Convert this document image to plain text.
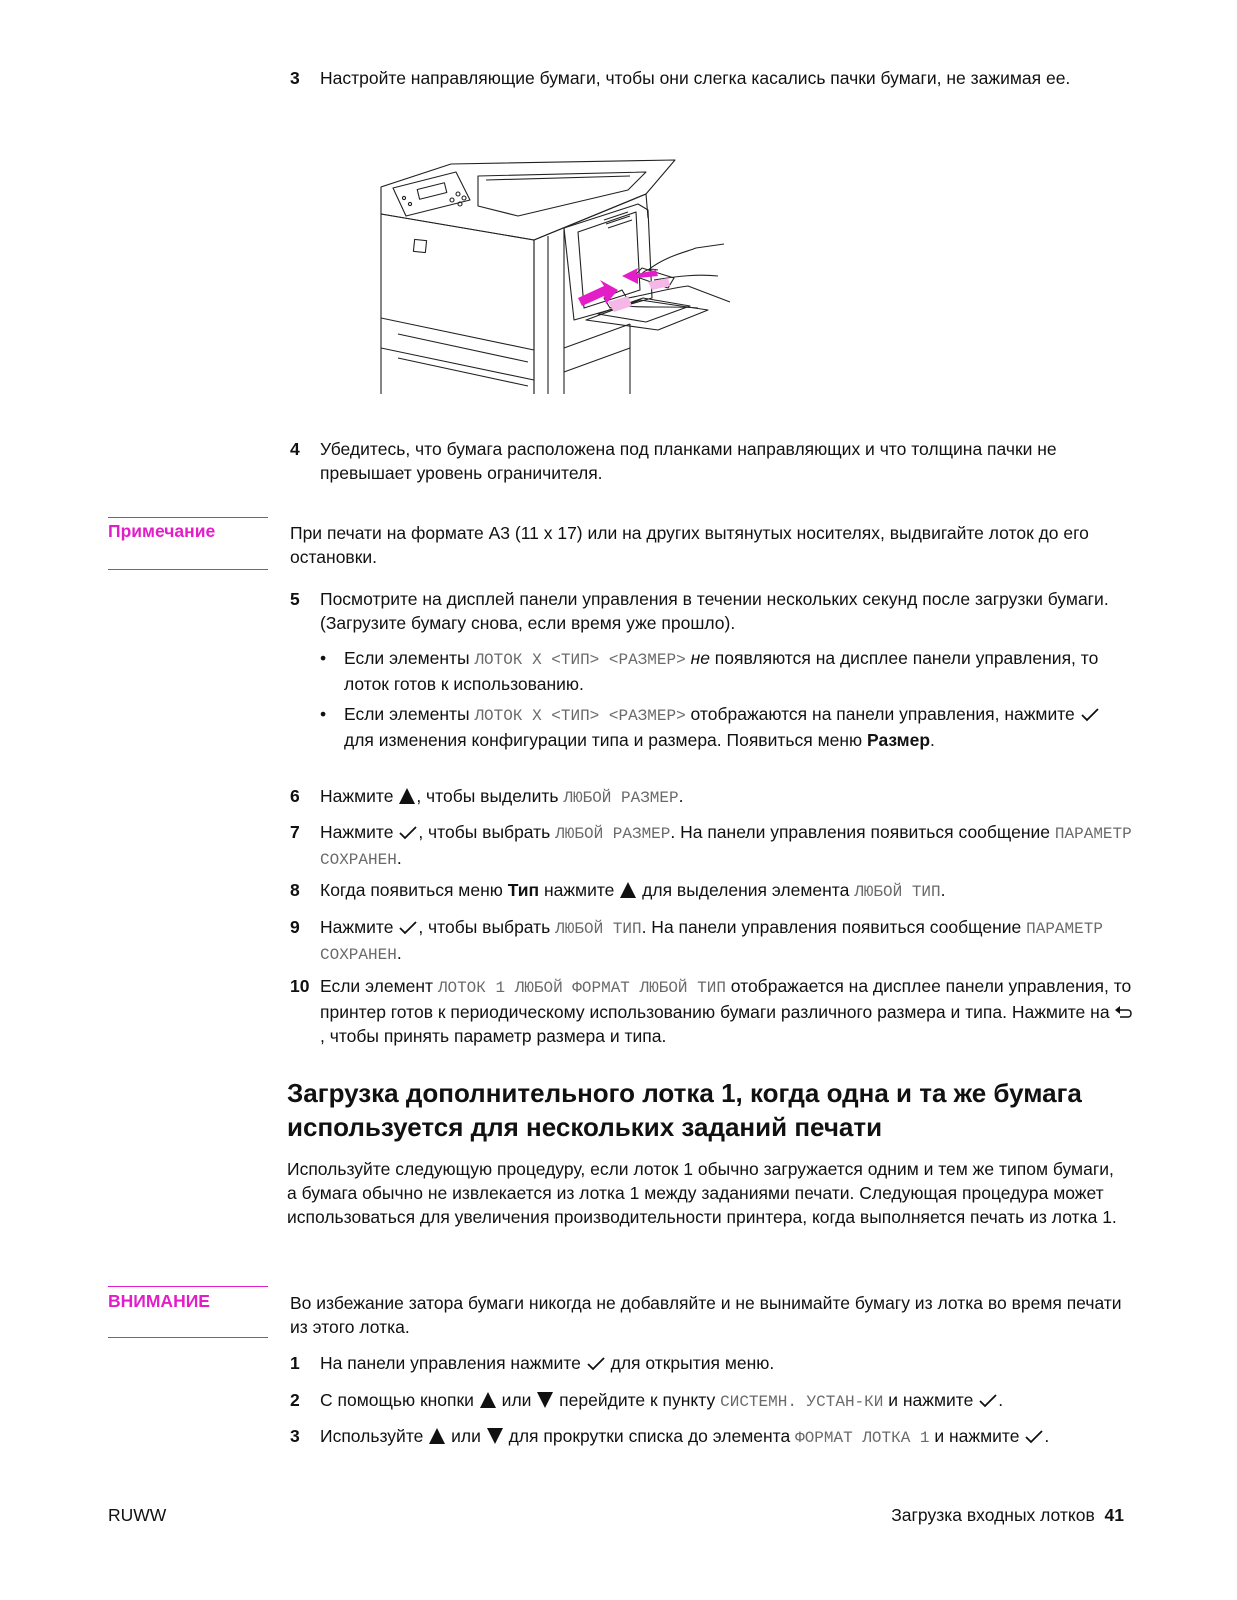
3 Настройте направляющие бумаги, чтобы они слегка касались пачки бумаги, не зажимая ее.
4 Убедитесь, что бумага расположена под планками направляющих и что толщина пачки не превышает уровень ограничителя.
Примечание	При печати на формате A3 (11 x 17) или на других вытянутых носителях, выдвигайте лоток до его остановки.
5 Посмотрите на дисплей панели управления в течении нескольких секунд после загрузки бумаги. (Загрузите бумагу снова, если время уже прошло).
• Если элементы ЛОТОК X <ТИП> <РАЗМЕР> не появляются на дисплее панели управления, то лоток готов к использованию.
• Если элементы ЛОТОК X <ТИП> <РАЗМЕР> отображаются на панели управления, нажмите  для изменения конфигурации типа и размера. Появиться меню Размер.
6 Нажмите , чтобы выделить ЛЮБОЙ РАЗМЕР.
7 Нажмите , чтобы выбрать ЛЮБОЙ РАЗМЕР. На панели управления появиться сообщение ПАРАМЕТР СОХРАНЕН.
8 Когда появиться меню Тип нажмите  для выделения элемента ЛЮБОЙ ТИП.
9 Нажмите , чтобы выбрать ЛЮБОЙ ТИП. На панели управления появиться сообщение ПАРАМЕТР СОХРАНЕН.
10 Если элемент ЛОТОК 1 ЛЮБОЙ ФОРМАТ ЛЮБОЙ ТИП отображается на дисплее панели управления, то принтер готов к периодическому использованию бумаги различного размера и типа. Нажмите на , чтобы принять параметр размера и типа.
Загрузка дополнительного лотка 1, когда одна и та же бумага используется для нескольких заданий печати
Используйте следующую процедуру, если лоток 1 обычно загружается одним и тем же типом бумаги, а бумага обычно не извлекается из лотка 1 между заданиями печати. Следующая процедура может использоваться для увеличения производительности принтера, когда выполняется печать из лотка 1.
ВНИМАНИЕ	Во избежание затора бумаги никогда не добавляйте и не вынимайте бумагу из лотка во время печати из этого лотка.
1 На панели управления нажмите  для открытия меню.
2 С помощью кнопки  или  перейдите к пункту СИСТЕМН. УСТАН-КИ и нажмите .
3 Используйте  или  для прокрутки списка до элемента ФОРМАТ ЛОТКА 1 и нажмите .
RUWW	Загрузка входных лотков 41
